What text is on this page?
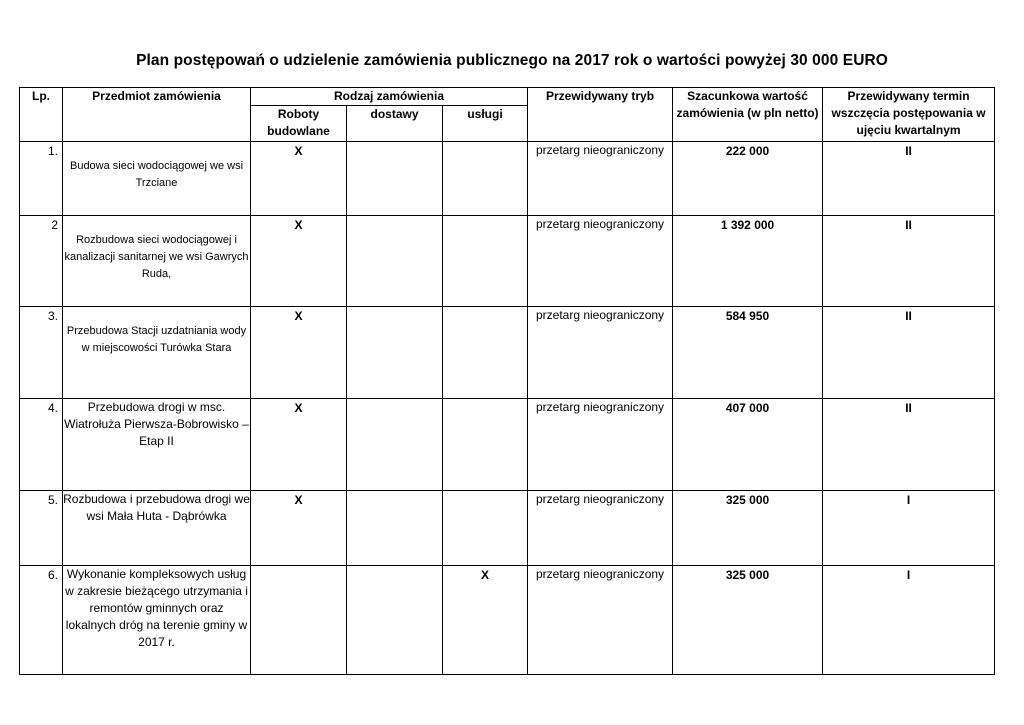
Plan postępowań o udzielenie zamówienia publicznego na 2017 rok o wartości powyżej 30 000 EURO
Lp.	Przedmiot zamówienia	Rodzaj zamówienia			Przewidywany tryb	Szacunkowa wartość zamówienia (w pln netto)	Przewidywany termin wszczęcia postępowania w ujęciu kwartalnym
		Roboty budowlane	dostawy	usługi			
1.	Budowa sieci wodociągowej we wsi Trzciane	X			przetarg nieograniczony	222 000	II
2	Rozbudowa sieci wodociągowej i kanalizacji sanitarnej we wsi Gawrych Ruda,	X			przetarg nieograniczony	1 392 000	II
3.	Przebudowa Stacji uzdatniania wody w miejscowości Turówka Stara	X			przetarg nieograniczony	584 950	II
4.	Przebudowa drogi w msc. Wiatrołuża Pierwsza-Bobrowisko – Etap II	X			przetarg nieograniczony	407 000	II
5.	Rozbudowa i przebudowa drogi we wsi Mała Huta - Dąbrówka	X			przetarg nieograniczony	325 000	I
6.	Wykonanie kompleksowych usług w zakresie bieżącego utrzymania i remontów gminnych oraz lokalnych dróg na terenie gminy w 2017 r.			X	przetarg nieograniczony	325 000	I
